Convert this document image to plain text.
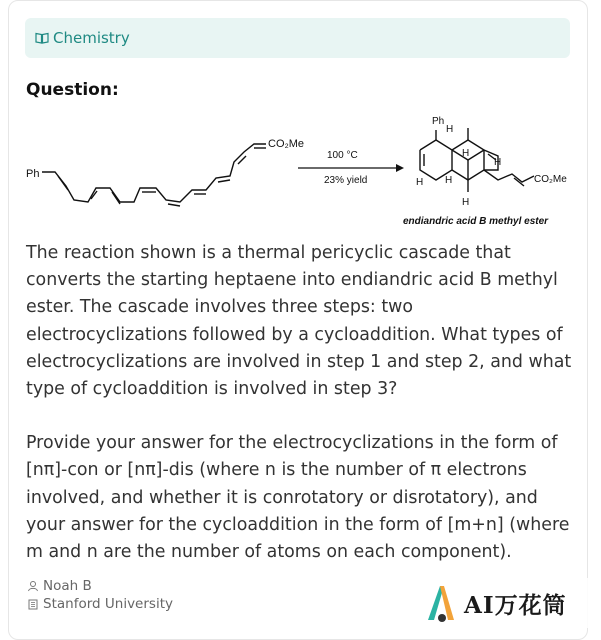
Chemistry
Question:
Ph
CO₂Me
100 °C
23% yield
Ph
H
H
H
H H
H
CO₂Me
endiandric acid B methyl ester

The reaction shown is a thermal pericyclic cascade that converts the starting heptaene into endiandric acid B methyl ester. The cascade involves three steps: two electrocyclizations followed by a cycloaddition. What types of electrocyclizations are involved in step 1 and step 2, and what type of cycloaddition is involved in step 3?

Provide your answer for the electrocyclizations in the form of [nπ]-con or [nπ]-dis (where n is the number of π electrons involved, and whether it is conrotatory or disrotatory), and your answer for the cycloaddition in the form of [m+n] (where m and n are the number of atoms on each component).

Noah B
Stanford University	AI万花筒
